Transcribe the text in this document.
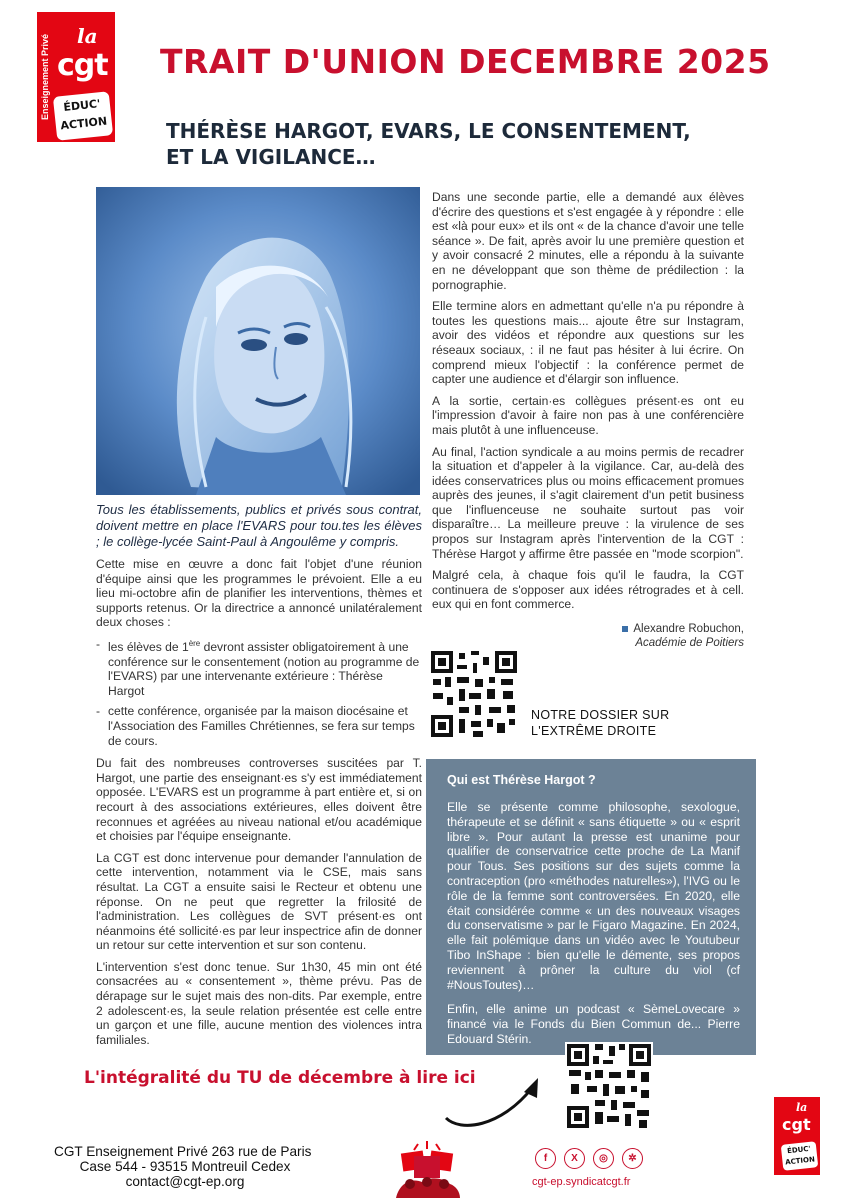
Enseignement Privé la
cgt
ÉDUC'
ACTION
TRAIT D'UNION DECEMBRE 2025
THÉRÈSE HARGOT, EVARS, LE CONSENTEMENT,
ET LA VIGILANCE…

Tous les établissements, publics et privés sous contrat, doivent mettre en place l'EVARS pour tou.tes les élèves ; le collège-lycée Saint-Paul à Angoulême y compris.

Cette mise en œuvre a donc fait l'objet d'une réunion d'équipe ainsi que les programmes le prévoient. Elle a eu lieu mi-octobre afin de planifier les interventions, thèmes et supports retenus. Or la directrice a annoncé unilatéralement deux choses :

- les élèves de 1ère devront assister obligatoirement à une conférence sur le consentement (notion au programme de l'EVARS) par une intervenante extérieure : Thérèse Hargot
- cette conférence, organisée par la maison diocésaine et l'Association des Familles Chrétiennes, se fera sur temps de cours.

Du fait des nombreuses controverses suscitées par T. Hargot, une partie des enseignant·es s'y est immédiatement opposée. L'EVARS est un programme à part entière et, si on recourt à des associations extérieures, elles doivent être reconnues et agréées au niveau national et/ou académique et choisies par l'équipe enseignante.

La CGT est donc intervenue pour demander l'annulation de cette intervention, notamment via le CSE, mais sans résultat. La CGT a ensuite saisi le Recteur et obtenu une réponse. On ne peut que regretter la frilosité de l'administration. Les collègues de SVT présent·es ont néanmoins été sollicité·es par leur inspectrice afin de donner un retour sur cette intervention et sur son contenu.

L'intervention s'est donc tenue. Sur 1h30, 45 min ont été consacrées au « consentement », thème prévu. Pas de dérapage sur le sujet mais des non-dits. Par exemple, entre 2 adolescent·es, la seule relation présentée est celle entre un garçon et une fille, aucune mention des violences intra familiales.

Dans une seconde partie, elle a demandé aux élèves d'écrire des questions et s'est engagée à y répondre : elle est «là pour eux» et ils ont « de la chance d'avoir une telle séance ». De fait, après avoir lu une première question et y avoir consacré 2 minutes, elle a répondu à la suivante en ne développant que son thème de prédilection : la pornographie.

Elle termine alors en admettant qu'elle n'a pu répondre à toutes les questions mais... ajoute être sur Instagram, avoir des vidéos et répondre aux questions sur les réseaux sociaux, : il ne faut pas hésiter à lui écrire. On comprend mieux l'objectif : la conférence permet de capter une audience et d'élargir son influence.

A la sortie, certain·es collègues présent·es ont eu l'impression d'avoir à faire non pas à une conférencière mais plutôt à une influenceuse.

Au final, l'action syndicale a au moins permis de recadrer la situation et d'appeler à la vigilance. Car, au-delà des idées conservatrices plus ou moins efficacement promues auprès des jeunes, il s'agit clairement d'un petit business que l'influenceuse ne souhaite surtout pas voir disparaître… La meilleure preuve : la virulence de ses propos sur Instagram après l'intervention de la CGT : Thérèse Hargot y affirme être passée en "mode scorpion".

Malgré cela, à chaque fois qu'il le faudra, la CGT continuera de s'opposer aux idées rétrogrades et à cell. eux qui en font commerce.

Alexandre Robuchon,
Académie de Poitiers
NOTRE DOSSIER SUR
L'EXTRÊME DROITE
Qui est Thérèse Hargot ?

Elle se présente comme philosophe, sexologue, thérapeute et se définit « sans étiquette » ou « esprit libre ». Pour autant la presse est unanime pour qualifier de conservatrice cette proche de La Manif pour Tous. Ses positions sur des sujets comme la contraception (pro «méthodes naturelles»), l'IVG ou le rôle de la femme sont controversées. En 2020, elle était considérée comme « un des nouveaux visages du conservatisme » par le Figaro Magazine. En 2024, elle fait polémique dans un vidéo avec le Youtubeur Tibo InShape : bien qu'elle le démente, ses propos reviennent à prôner la culture du viol (cf #NousToutes)…

Enfin, elle anime un podcast « SèmeLovecare » financé via le Fonds du Bien Commun de... Pierre Edouard Stérin.

L'intégralité du TU de décembre à lire ici
la
cgt
ÉDUC'
ACTION
CGT Enseignement Privé 263 rue de Paris
Case 544 - 93515 Montreuil Cedex
contact@cgt-ep.org
f	X	◎	✲
cgt-ep.syndicatcgt.fr
